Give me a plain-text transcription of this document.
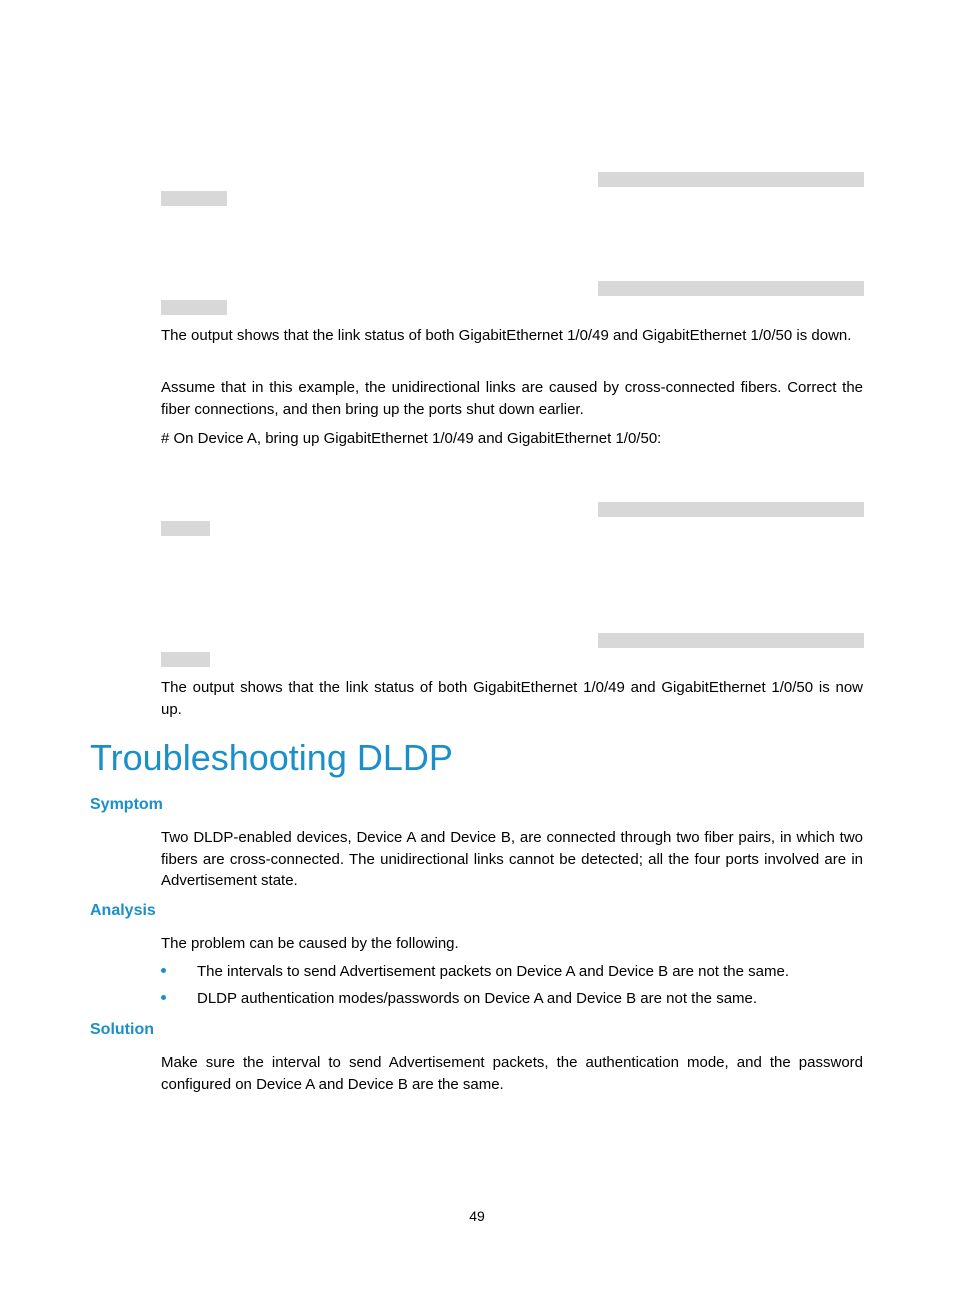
The output shows that the link status of both GigabitEthernet 1/0/49 and GigabitEthernet 1/0/50 is down.

Assume that in this example, the unidirectional links are caused by cross-connected fibers. Correct the fiber connections, and then bring up the ports shut down earlier.

# On Device A, bring up GigabitEthernet 1/0/49 and GigabitEthernet 1/0/50:

The output shows that the link status of both GigabitEthernet 1/0/49 and GigabitEthernet 1/0/50 is now up.

Troubleshooting DLDP
Symptom

Two DLDP-enabled devices, Device A and Device B, are connected through two fiber pairs, in which two fibers are cross-connected. The unidirectional links cannot be detected; all the four ports involved are in Advertisement state.

Analysis

The problem can be caused by the following.

The intervals to send Advertisement packets on Device A and Device B are not the same.
DLDP authentication modes/passwords on Device A and Device B are not the same.
Solution

Make sure the interval to send Advertisement packets, the authentication mode, and the password configured on Device A and Device B are the same.

49
